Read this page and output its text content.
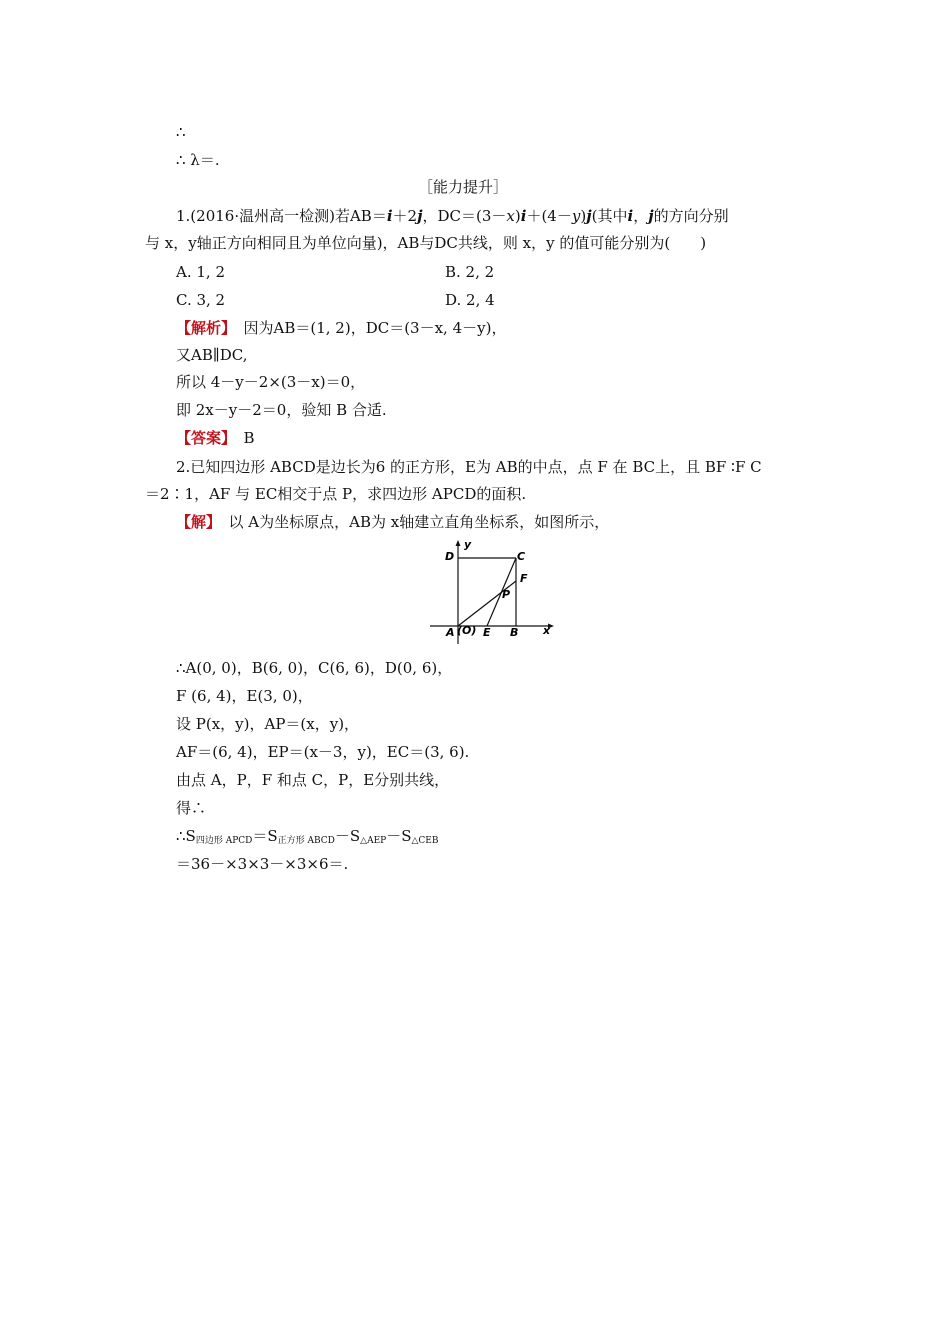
∴
∴ λ＝.
［能力提升］
1.(2016·温州高一检测)若AB＝i＋2j，DC＝(3－x)i＋(4－y)j(其中i，j的方向分别
与 x，y轴正方向相同且为单位向量)，AB与DC共线，则 x，y 的值可能分别为(　　)
A. 1, 2	B. 2, 2
C. 3, 2	D. 2, 4
【解析】　因为AB＝(1, 2)，DC＝(3－x, 4－y)，
又AB∥DC,
所以 4－y－2×(3－x)＝0，
即 2x－y－2＝0，验知 B 合适.
【答案】　B
2.已知四边形 ABCD是边长为6 的正方形，E为 AB的中点，点 F 在 BC上，且 BF ∶F C
＝2∶1，AF 与 EC相交于点 P，求四边形 APCD的面积.
【解】　以 A为坐标原点，AB为 x轴建立直角坐标系，如图所示，
D	C
F
P
A (O) E B x
y
∴A(0, 0)，B(6, 0)，C(6, 6)，D(0, 6)，
F (6, 4)，E(3, 0)，
设 P(x，y)，AP＝(x，y)，
AF＝(6, 4)，EP＝(x－3，y)，EC＝(3, 6).
由点 A，P，F 和点 C，P，E分别共线，
得∴
$\therefore S_{四边形 APCD}=S_{正方形 ABCD}-S_{\triangle AEP}-S_{\triangle CEB}$
＝36－×3×3－×3×6＝.
